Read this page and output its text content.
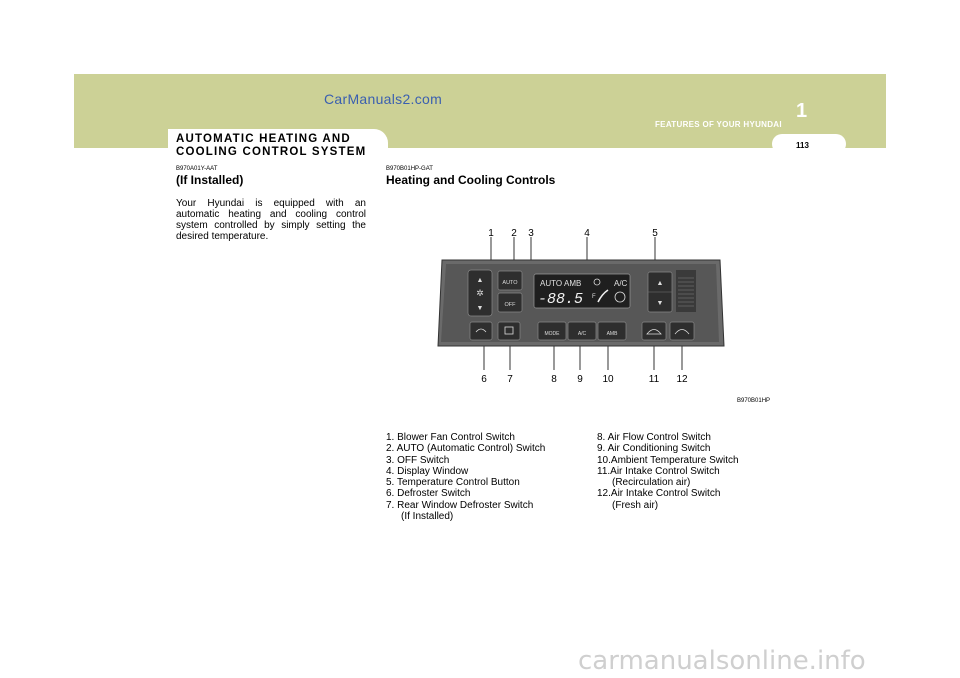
CarManuals2.com
1
FEATURES OF YOUR HYUNDAI
113
AUTOMATIC HEATING AND
COOLING CONTROL SYSTEM
B970A01Y-AAT
(If Installed)
Your Hyundai is equipped with an automatic heating and cooling control system controlled by simply setting the desired temperature.
B970B01HP-GAT
Heating and Cooling Controls
▲
✲
▼
AUTO
OFF
AUTO AMB	A/C
-88.5 F
▲
▼
MODE	A/C	AMB
1 2 3	4	5
6 7	8 9 10	11 12
B970B01HP
1. Blower Fan Control Switch
2. AUTO (Automatic Control) Switch
3. OFF Switch
4. Display Window
5. Temperature Control Button
6. Defroster Switch
7. Rear Window Defroster Switch
(If Installed)
8. Air Flow Control Switch
9. Air Conditioning Switch
10.Ambient Temperature Switch
11.Air Intake Control Switch
(Recirculation air)
12.Air Intake Control Switch
(Fresh air)
carmanualsonline.info
